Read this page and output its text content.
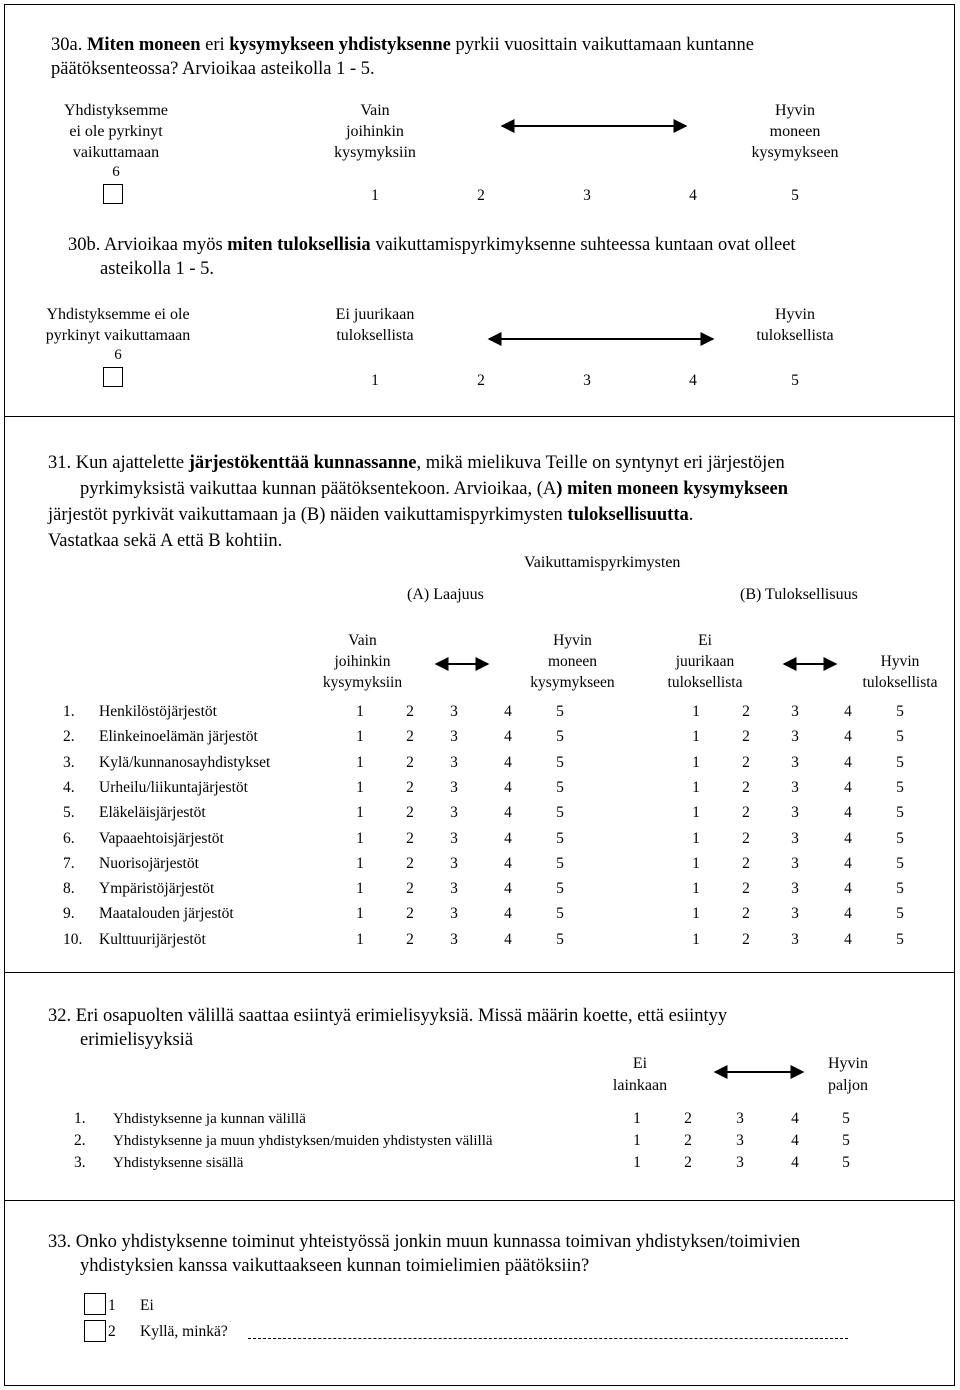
30a. Miten moneen eri kysymykseen yhdistyksenne pyrkii vuosittain vaikuttamaan kuntanne
päätöksenteossa? Arvioikaa asteikolla 1 - 5.
Yhdistyksemme
ei ole pyrkinyt
vaikuttamaan
6
Vain
joihinkin
kysymyksiin
Hyvin
moneen
kysymykseen
1	2	3	4	5
30b. Arvioikaa myös miten tuloksellisia vaikuttamispyrkimyksenne suhteessa kuntaan ovat olleet
asteikolla 1 - 5.
Yhdistyksemme ei ole
pyrkinyt vaikuttamaan
6
Ei juurikaan
tuloksellista
Hyvin
tuloksellista
1	2	3	4	5
31. Kun ajattelette järjestökenttää kunnassanne, mikä mielikuva Teille on syntynyt eri järjestöjen
pyrkimyksistä vaikuttaa kunnan päätöksentekoon. Arvioikaa, (A) miten moneen kysymykseen
järjestöt pyrkivät vaikuttamaan ja (B) näiden vaikuttamispyrkimysten tuloksellisuutta.
Vastatkaa sekä A että B kohtiin.
Vaikuttamispyrkimysten
(A) Laajuus	(B) Tuloksellisuus
Vain
joihinkin
kysymyksiin
Hyvin
moneen
kysymykseen
Ei
juurikaan
tuloksellista
Hyvin
tuloksellista
1. Henkilöstöjärjestöt	1	2	3	4	5	1	2	3	4	5
2. Elinkeinoelämän järjestöt	1	2	3	4	5	1	2	3	4	5
3. Kylä/kunnanosayhdistykset	1	2	3	4	5	1	2	3	4	5
4. Urheilu/liikuntajärjestöt	1	2	3	4	5	1	2	3	4	5
5. Eläkeläisjärjestöt	1	2	3	4	5	1	2	3	4	5
6. Vapaaehtoisjärjestöt	1	2	3	4	5	1	2	3	4	5
7. Nuorisojärjestöt	1	2	3	4	5	1	2	3	4	5
8. Ympäristöjärjestöt	1	2	3	4	5	1	2	3	4	5
9. Maatalouden järjestöt	1	2	3	4	5	1	2	3	4	5
10. Kulttuurijärjestöt	1	2	3	4	5	1	2	3	4	5
32. Eri osapuolten välillä saattaa esiintyä erimielisyyksiä. Missä määrin koette, että esiintyy
erimielisyyksiä
Ei
lainkaan
Hyvin
paljon
1. Yhdistyksenne ja kunnan välillä	1	2	3	4	5
2. Yhdistyksenne ja muun yhdistyksen/muiden yhdistysten välillä	1	2	3	4	5
3. Yhdistyksenne sisällä	1	2	3	4	5
33. Onko yhdistyksenne toiminut yhteistyössä jonkin muun kunnassa toimivan yhdistyksen/toimivien
yhdistyksien kanssa vaikuttaakseen kunnan toimielimien päätöksiin?
1 Ei
2 Kyllä, minkä?
